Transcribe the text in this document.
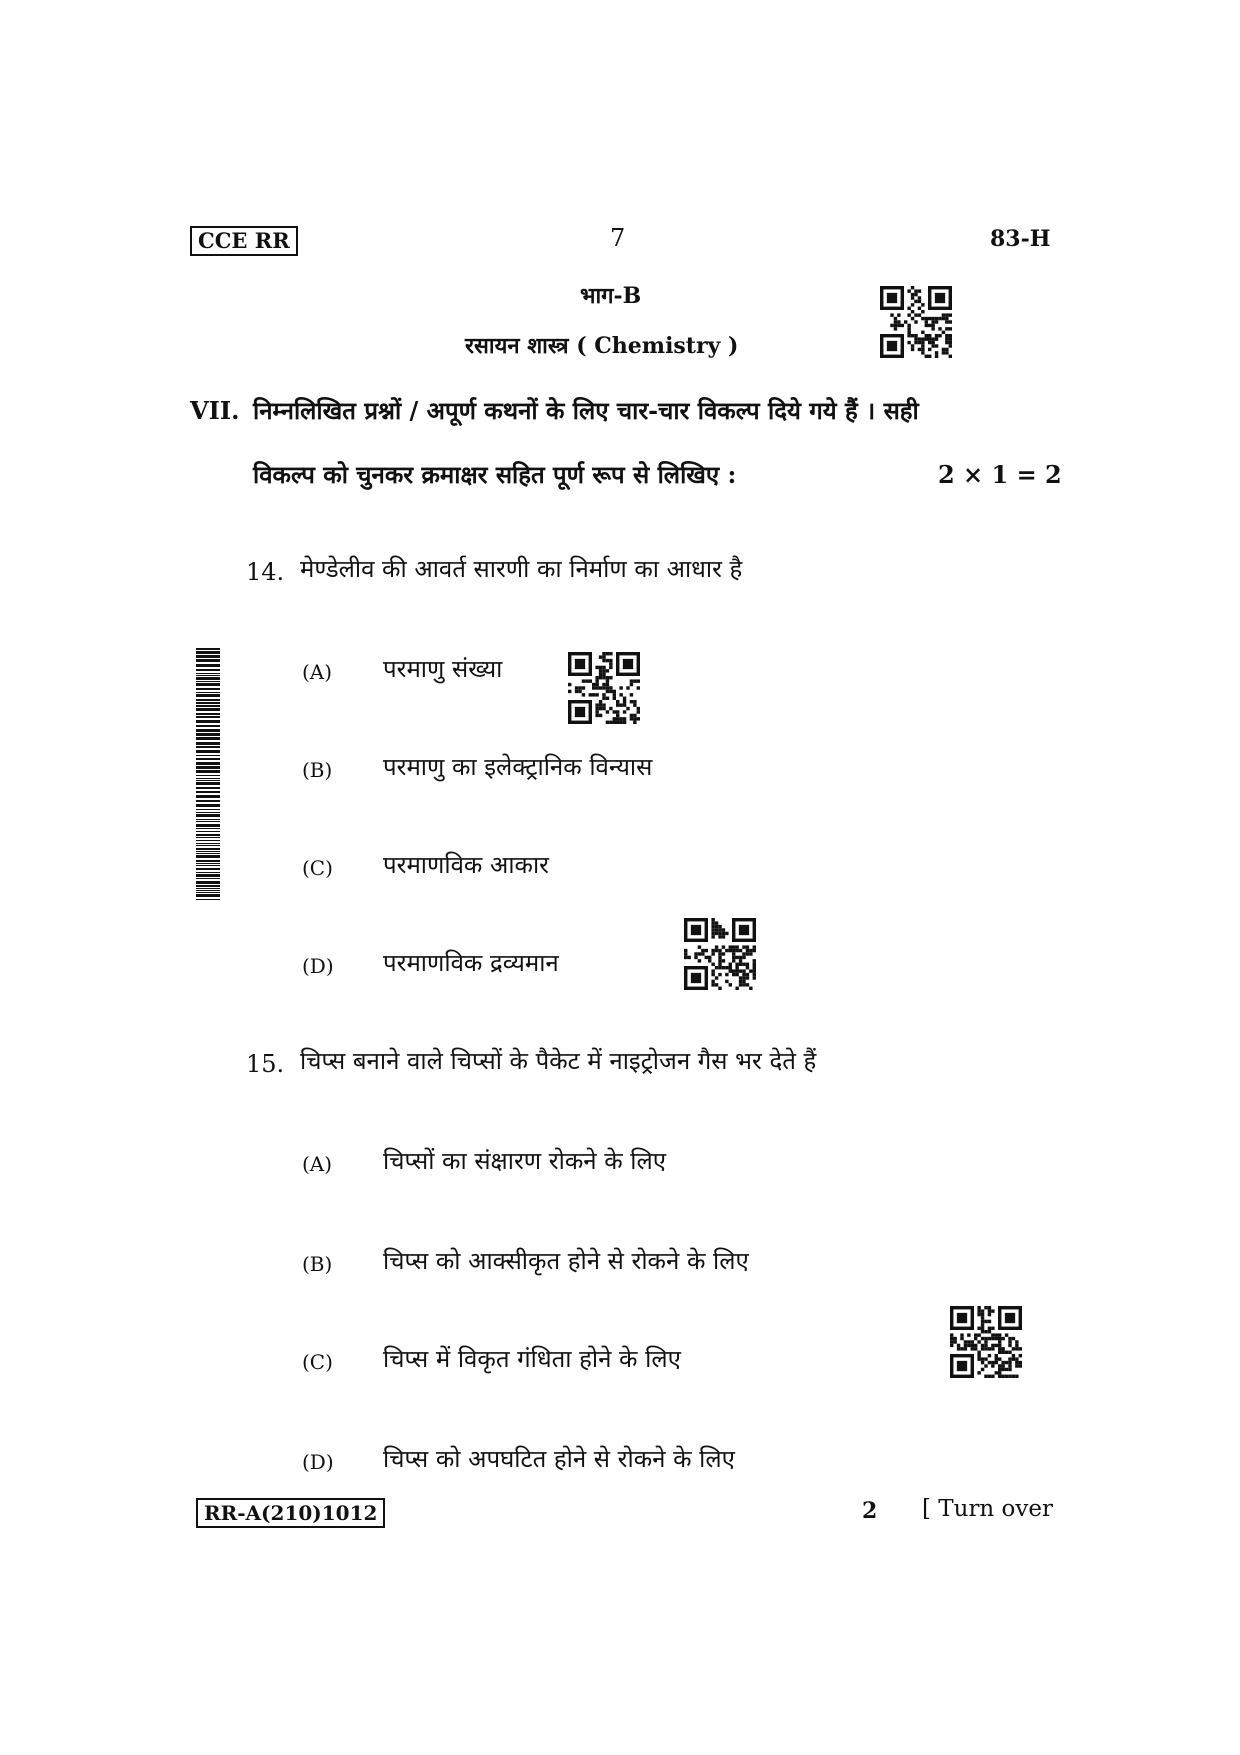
CCE RR	7	83-H
भाग-B
रसायन शास्त्र ( Chemistry )
VII. निम्नलिखित प्रश्नों / अपूर्ण कथनों के लिए चार-चार विकल्प दिये गये हैं । सही
विकल्प को चुनकर क्रमाक्षर सहित पूर्ण रूप से लिखिए :	2 × 1 = 2
14. मेण्डेलीव की आवर्त सारणी का निर्माण का आधार है
(A) परमाणु संख्या
(B) परमाणु का इलेक्ट्रानिक विन्यास
(C) परमाणविक आकार
(D) परमाणविक द्रव्यमान
15. चिप्स बनाने वाले चिप्सों के पैकेट में नाइट्रोजन गैस भर देते हैं
(A) चिप्सों का संक्षारण रोकने के लिए
(B) चिप्स को आक्सीकृत होने से रोकने के लिए
(C) चिप्स में विकृत गंधिता होने के लिए
(D) चिप्स को अपघटित होने से रोकने के लिए
RR-A(210)1012	2 [ Turn over
